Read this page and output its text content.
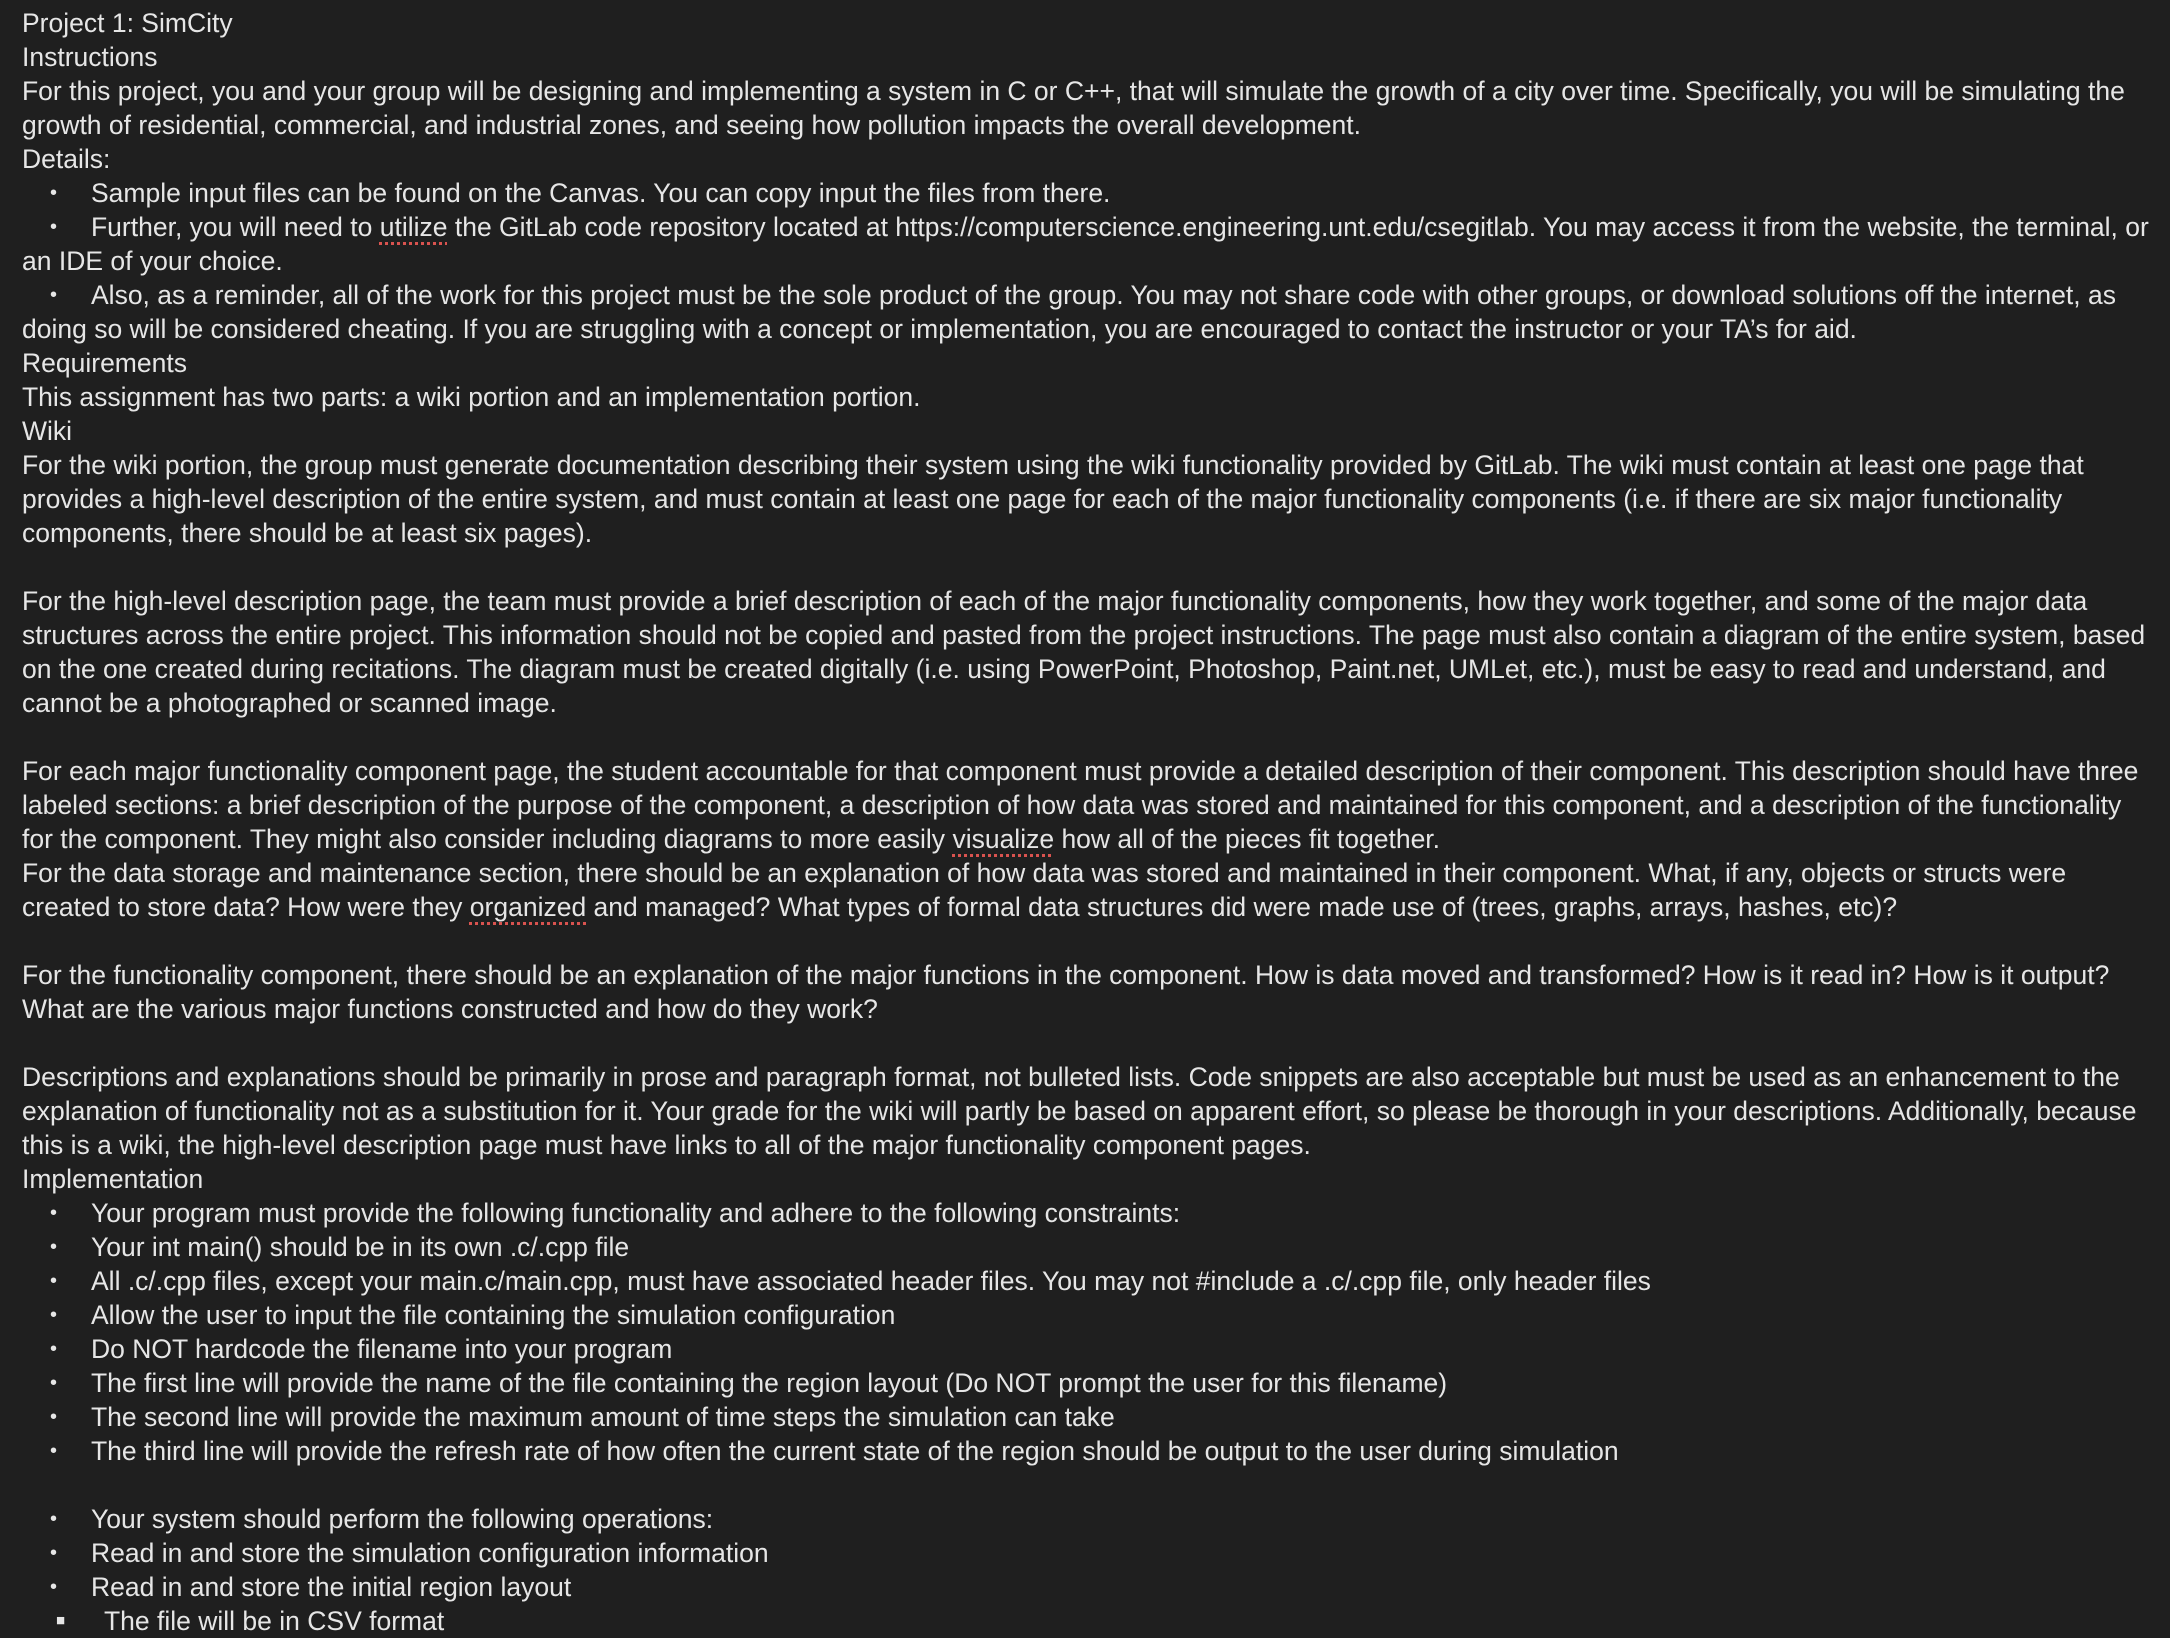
Project 1: SimCity

Instructions

For this project, you and your group will be designing and implementing a system in C or C++, that will simulate the growth of a city over time. Specifically, you will be simulating the growth of residential, commercial, and industrial zones, and seeing how pollution impacts the overall development.

Details:

•	Sample input files can be found on the Canvas. You can copy input the files from there.

•	Further, you will need to utilize the GitLab code repository located at https://computerscience.engineering.unt.edu/csegitlab. You may access it from the website, the terminal, or an IDE of your choice.

•	Also, as a reminder, all of the work for this project must be the sole product of the group. You may not share code with other groups, or download solutions off the internet, as doing so will be considered cheating. If you are struggling with a concept or implementation, you are encouraged to contact the instructor or your TA’s for aid.

Requirements

This assignment has two parts: a wiki portion and an implementation portion.

Wiki

For the wiki portion, the group must generate documentation describing their system using the wiki functionality provided by GitLab. The wiki must contain at least one page that provides a high-level description of the entire system, and must contain at least one page for each of the major functionality components (i.e. if there are six major functionality components, there should be at least six pages).

For the high-level description page, the team must provide a brief description of each of the major functionality components, how they work together, and some of the major data structures across the entire project. This information should not be copied and pasted from the project instructions. The page must also contain a diagram of the entire system, based on the one created during recitations. The diagram must be created digitally (i.e. using PowerPoint, Photoshop, Paint.net, UMLet, etc.), must be easy to read and understand, and cannot be a photographed or scanned image.

For each major functionality component page, the student accountable for that component must provide a detailed description of their component. This description should have three labeled sections: a brief description of the purpose of the component, a description of how data was stored and maintained for this component, and a description of the functionality for the component. They might also consider including diagrams to more easily visualize how all of the pieces fit together.

For the data storage and maintenance section, there should be an explanation of how data was stored and maintained in their component. What, if any, objects or structs were created to store data? How were they organized and managed? What types of formal data structures did were made use of (trees, graphs, arrays, hashes, etc)?

For the functionality component, there should be an explanation of the major functions in the component. How is data moved and transformed? How is it read in? How is it output? What are the various major functions constructed and how do they work?

Descriptions and explanations should be primarily in prose and paragraph format, not bulleted lists. Code snippets are also acceptable but must be used as an enhancement to the explanation of functionality not as a substitution for it. Your grade for the wiki will partly be based on apparent effort, so please be thorough in your descriptions. Additionally, because this is a wiki, the high-level description page must have links to all of the major functionality component pages.

Implementation

•	Your program must provide the following functionality and adhere to the following constraints:

•	Your int main() should be in its own .c/.cpp file

•	All .c/.cpp files, except your main.c/main.cpp, must have associated header files. You may not #include a .c/.cpp file, only header files

•	Allow the user to input the file containing the simulation configuration

•	Do NOT hardcode the filename into your program

•	The first line will provide the name of the file containing the region layout (Do NOT prompt the user for this filename)

•	The second line will provide the maximum amount of time steps the simulation can take

•	The third line will provide the refresh rate of how often the current state of the region should be output to the user during simulation

•	Your system should perform the following operations:

•	Read in and store the simulation configuration information

•	Read in and store the initial region layout

■	The file will be in CSV format
